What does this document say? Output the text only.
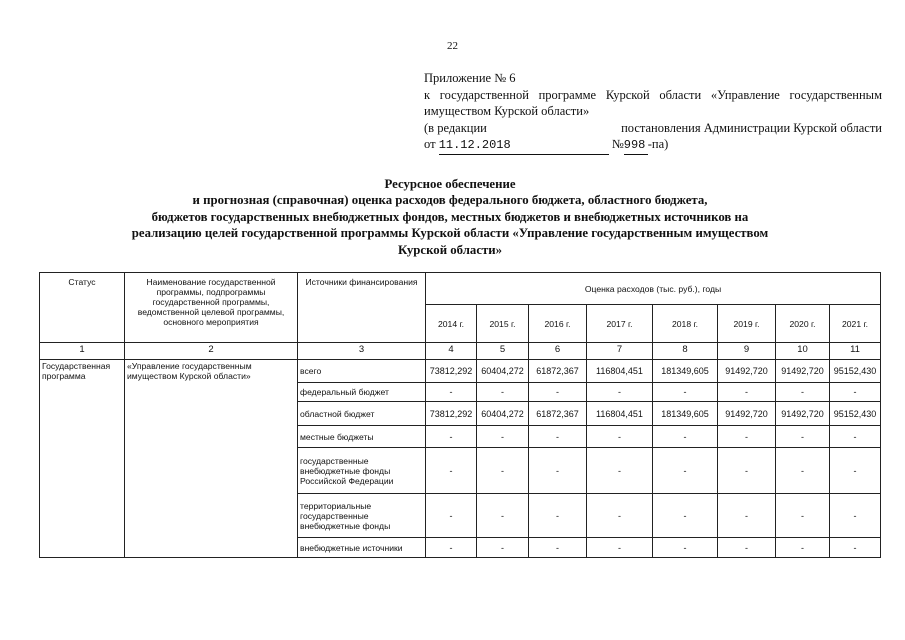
22
Приложение № 6
к государственной программе Курской области «Управление государственным имуществом Курской области»
(в редакции	постановления Администрации Курской области
от 11.12.2018	№998 -па)
Ресурсное обеспечение
и прогнозная (справочная) оценка расходов федерального бюджета, областного бюджета,
бюджетов государственных внебюджетных фондов, местных бюджетов и внебюджетных источников на
реализацию целей государственной программы Курской области «Управление государственным имуществом
Курской области»
Статус	Наименование государственной программы, подпрограммы государственной программы, ведомственной целевой программы, основного мероприятия	Источники финансирования	Оценка расходов (тыс. руб.), годы							
			2014 г.	2015 г.	2016 г.	2017 г.	2018 г.	2019 г.	2020 г.	2021 г.
1	2	3	4	5	6	7	8	9	10	11
Государственная программа	«Управление государственным имуществом Курской области»	всего	73812,292	60404,272	61872,367	116804,451	181349,605	91492,720	91492,720	95152,430
		федеральный бюджет	-	-	-	-	-	-	-	-
		областной бюджет	73812,292	60404,272	61872,367	116804,451	181349,605	91492,720	91492,720	95152,430
		местные бюджеты	-	-	-	-	-	-	-	-
		государственные внебюджетные фонды Российской Федерации	-	-	-	-	-	-	-	-
		территориальные государственные внебюджетные фонды	-	-	-	-	-	-	-	-
		внебюджетные источники	-	-	-	-	-	-	-	-
